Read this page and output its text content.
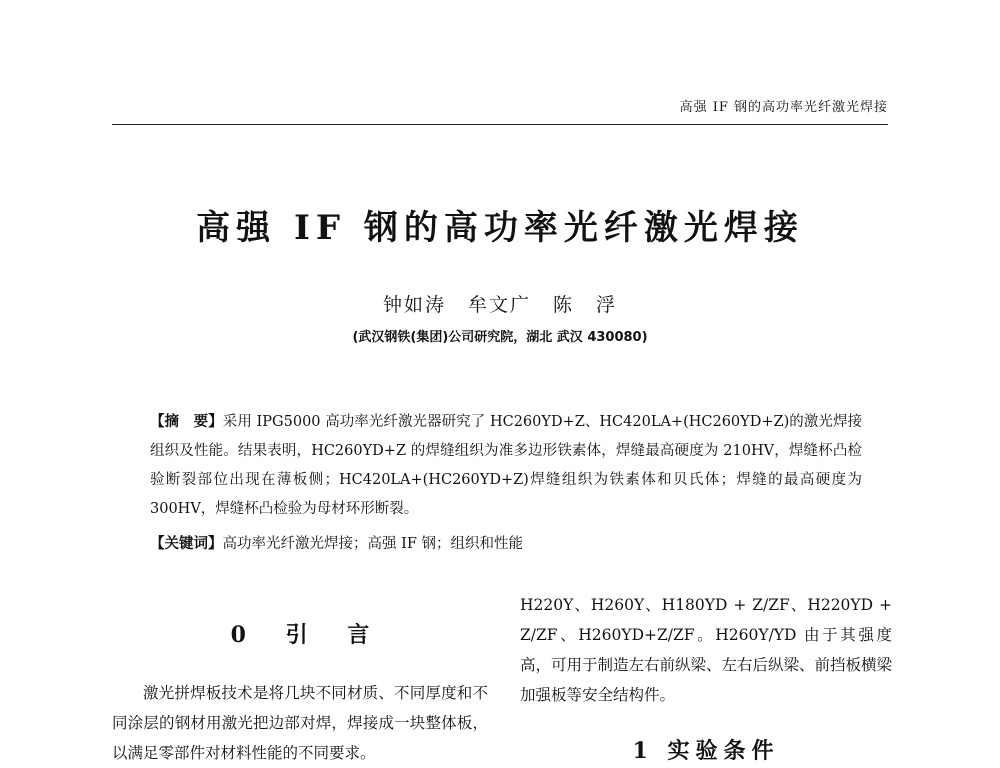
高强 IF 钢的高功率光纤激光焊接
高强 IF 钢的高功率光纤激光焊接
钟如涛 牟文广 陈 浮
(武汉钢铁(集团)公司研究院，湖北 武汉 430080)
【摘　要】采用 IPG5000 高功率光纤激光器研究了 HC260YD+Z、HC420LA+(HC260YD+Z)的激光焊接组织及性能。结果表明，HC260YD+Z 的焊缝组织为准多边形铁素体，焊缝最高硬度为 210HV，焊缝杯凸检验断裂部位出现在薄板侧；HC420LA+(HC260YD+Z)焊缝组织为铁素体和贝氏体；焊缝的最高硬度为 300HV，焊缝杯凸检验为母材环形断裂。
【关键词】高功率光纤激光焊接；高强 IF 钢；组织和性能
0 引 言
激光拼焊板技术是将几块不同材质、不同厚度和不同涂层的钢材用激光把边部对焊，焊接成一块整体板，以满足零部件对材料性能的不同要求。
H220Y、H260Y、H180YD + Z/ZF、H220YD + Z/ZF、H260YD+Z/ZF。H260Y/YD 由于其强度高，可用于制造左右前纵梁、左右后纵梁、前挡板横梁加强板等安全结构件。
1 实验条件
